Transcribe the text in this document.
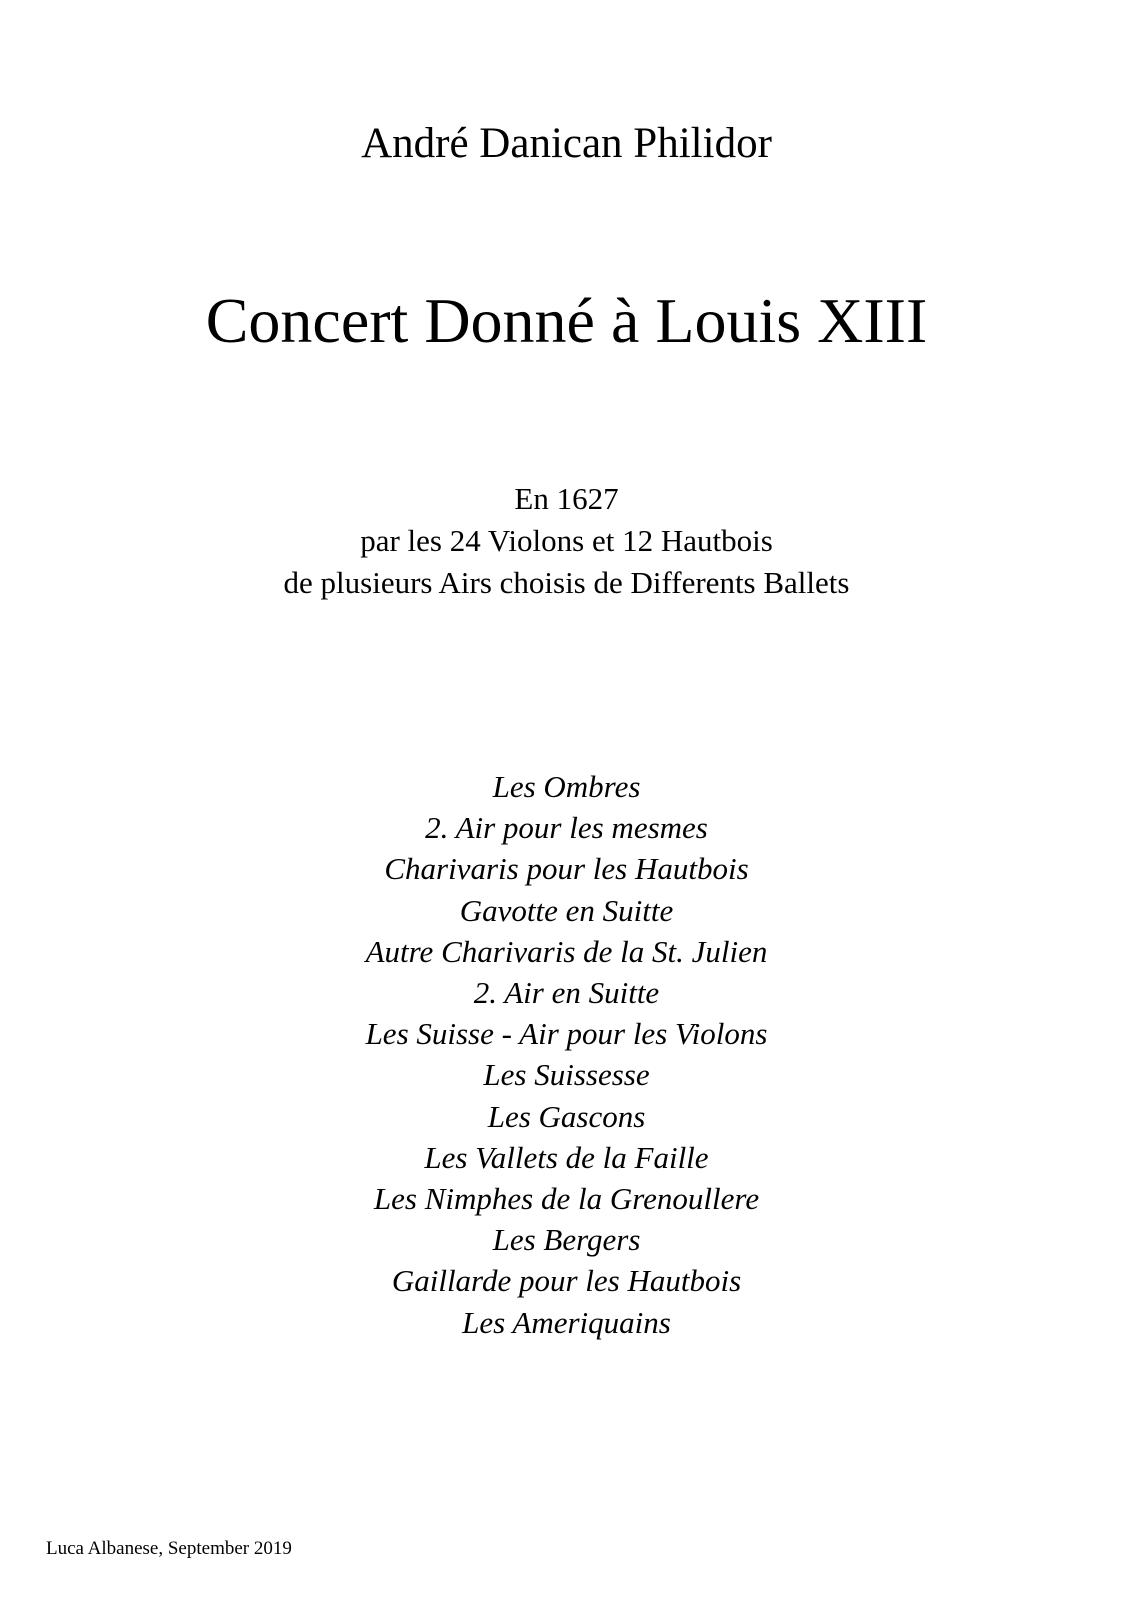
André Danican Philidor
Concert Donné à Louis XIII
En 1627
par les 24 Violons et 12 Hautbois
de plusieurs Airs choisis de Differents Ballets
Les Ombres
2. Air pour les mesmes
Charivaris pour les Hautbois
Gavotte en Suitte
Autre Charivaris de la St. Julien
2. Air en Suitte
Les Suisse - Air pour les Violons
Les Suissesse
Les Gascons
Les Vallets de la Faille
Les Nimphes de la Grenoullere
Les Bergers
Gaillarde pour les Hautbois
Les Ameriquains
Luca Albanese, September 2019
